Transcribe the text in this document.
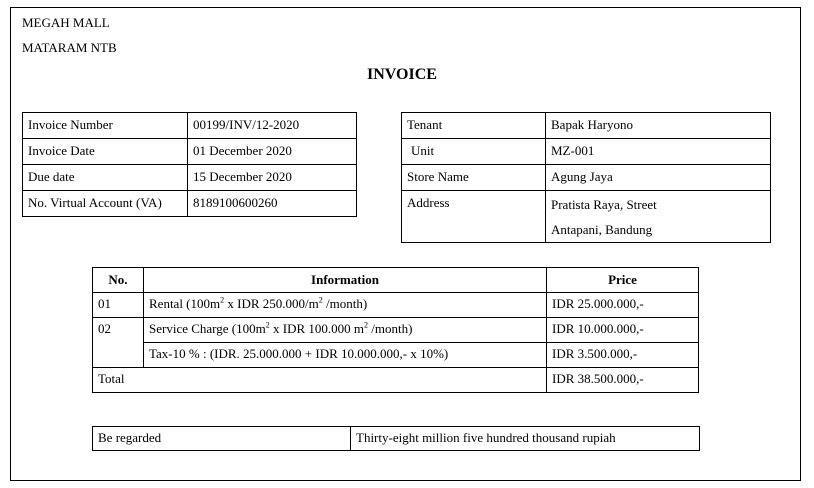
MEGAH MALL
MATARAM NTB
INVOICE
Invoice Number	00199/INV/12-2020
Invoice Date	01 December 2020
Due date	15 December 2020
No. Virtual Account (VA)	8189100600260
Tenant	Bapak Haryono
Unit	MZ-001
Store Name	Agung Jaya
Address	Pratista Raya, Street
Antapani, Bandung
No.	Information	Price
01	Rental ($100m^2$ x IDR $250.000/m^2$ /month)	IDR 25.000.000,-
02	Service Charge ($100m^2$ x IDR 100.000 $m^2$ /month)	IDR 10.000.000,-
	Tax-10 % : (IDR. 25.000.000 + IDR 10.000.000,- x 10%)	IDR 3.500.000,-
Total		IDR 38.500.000,-
Be regarded	Thirty-eight million five hundred thousand rupiah
